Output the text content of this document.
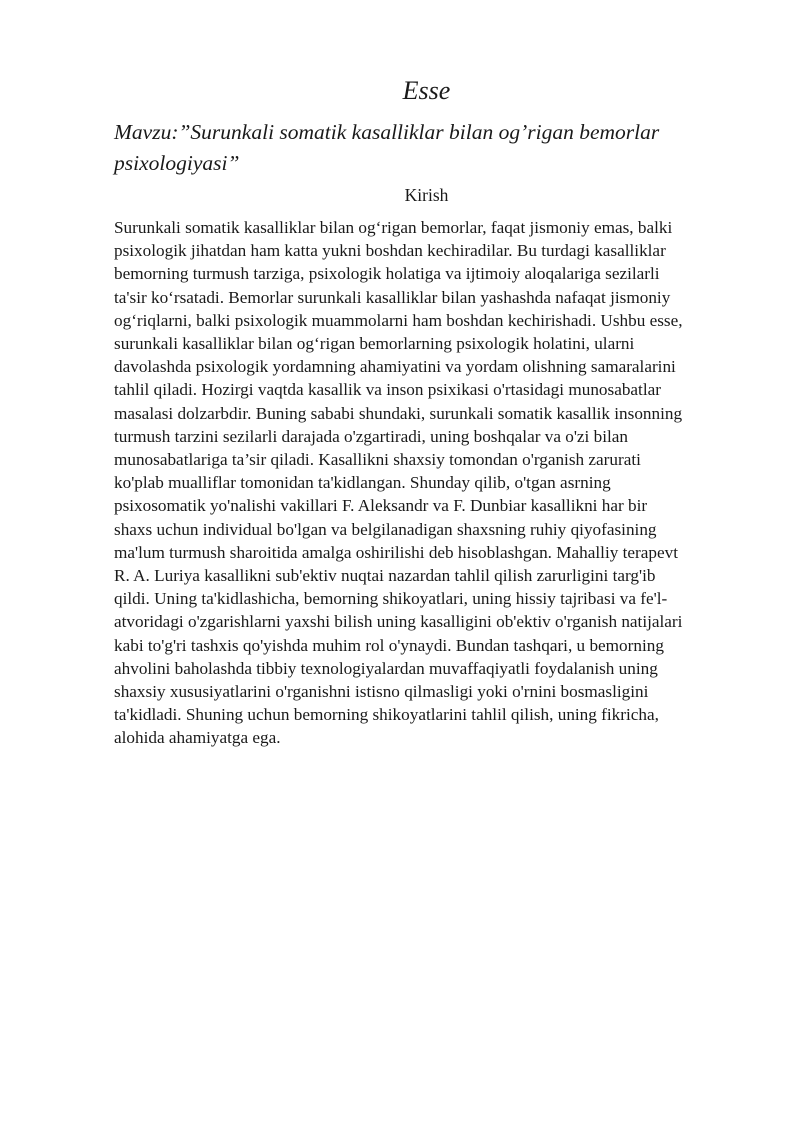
Esse
Mavzu:”Surunkali somatik kasalliklar bilan og’rigan bemorlar psixologiyasi”
Kirish
Surunkali somatik kasalliklar bilan og‘rigan bemorlar, faqat jismoniy emas, balki
psixologik jihatdan ham katta yukni boshdan kechiradilar. Bu turdagi kasalliklar
bemorning turmush tarziga, psixologik holatiga va ijtimoiy aloqalariga sezilarli
ta'sir ko‘rsatadi. Bemorlar surunkali kasalliklar bilan yashashda nafaqat jismoniy
og‘riqlarni, balki psixologik muammolarni ham boshdan kechirishadi. Ushbu esse,
surunkali kasalliklar bilan og‘rigan bemorlarning psixologik holatini, ularni
davolashda psixologik yordamning ahamiyatini va yordam olishning samaralarini
tahlil qiladi. Hozirgi vaqtda kasallik va inson psixikasi o'rtasidagi munosabatlar
masalasi dolzarbdir. Buning sababi shundaki, surunkali somatik kasallik insonning
turmush tarzini sezilarli darajada o'zgartiradi, uning boshqalar va o'zi bilan
munosabatlariga ta’sir qiladi. Kasallikni shaxsiy tomondan o'rganish zarurati
ko'plab mualliflar tomonidan ta'kidlangan. Shunday qilib, o'tgan asrning
psixosomatik yo'nalishi vakillari F. Aleksandr va F. Dunbiar kasallikni har bir
shaxs uchun individual bo'lgan va belgilanadigan shaxsning ruhiy qiyofasining
ma'lum turmush sharoitida amalga oshirilishi deb hisoblashgan. Mahalliy terapevt
R. A. Luriya kasallikni sub'ektiv nuqtai nazardan tahlil qilish zarurligini targ'ib
qildi. Uning ta'kidlashicha, bemorning shikoyatlari, uning hissiy tajribasi va fe'l-
atvoridagi o'zgarishlarni yaxshi bilish uning kasalligini ob'ektiv o'rganish natijalari
kabi to'g'ri tashxis qo'yishda muhim rol o'ynaydi. Bundan tashqari, u bemorning
ahvolini baholashda tibbiy texnologiyalardan muvaffaqiyatli foydalanish uning
shaxsiy xususiyatlarini o'rganishni istisno qilmasligi yoki o'rnini bosmasligini
ta'kidladi. Shuning uchun bemorning shikoyatlarini tahlil qilish, uning fikricha,
alohida ahamiyatga ega.
